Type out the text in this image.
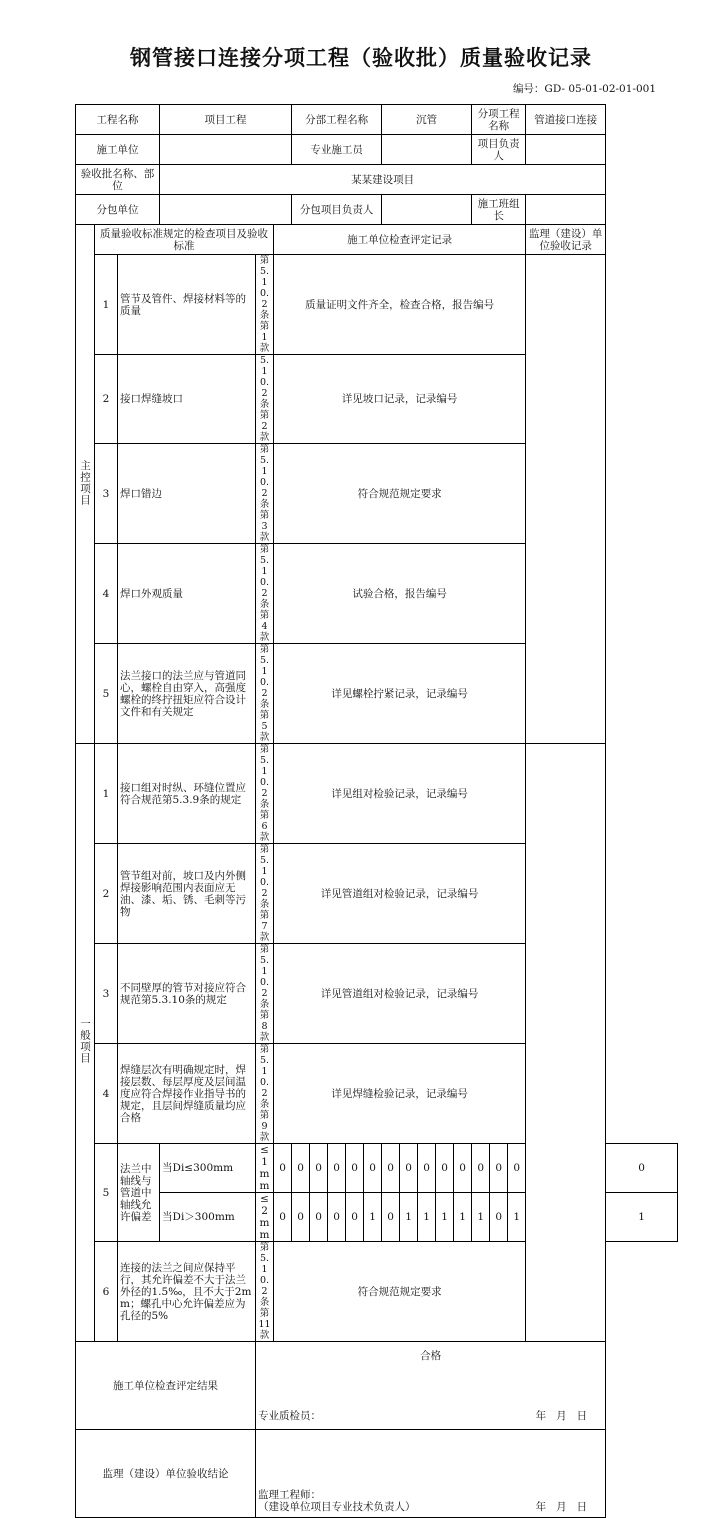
钢管接口连接分项工程（验收批）质量验收记录
编号：GD- 05-01-02-01-001
工程名称			项目工程			分部工程名称					沉管					分项工程名称			管道接口连接	
施工单位						专业施工员										项目负责人				
验收批名称、部位			某某建设项目																	
分包单位						分包项目负责人										施工班组长				
主控项目	质量验收标准规定的检查项目及验收标准				施工单位检查评定记录														监理（建设）单位验收记录	
	1	管节及管件、焊接材料等的质量		第5.10.2条第1款	质量证明文件齐全，检查合格，报告编号															
	2	接口焊缝坡口		5.10.2条第2款	详见坡口记录，记录编号															
	3	焊口错边		第5.10.2条第3款	符合规范规定要求															
	4	焊口外观质量		第5.10.2条第4款	试验合格，报告编号															
	5	法兰接口的法兰应与管道同心，螺栓自由穿入，高强度螺栓的终拧扭矩应符合设计文件和有关规定		第5.10.2条第5款	详见螺栓拧紧记录，记录编号															
一般项目	1	接口组对时纵、环缝位置应符合规范第5.3.9条的规定		第5.10.2条第6款	详见组对检验记录，记录编号															
	2	管节组对前，坡口及内外侧焊接影响范围内表面应无油、漆、垢、锈、毛刺等污物		第5.10.2条第7款	详见管道组对检验记录，记录编号															
	3	不同壁厚的管节对接应符合规范第5.3.10条的规定		第5.10.2条第8款	详见管道组对检验记录，记录编号															
	4	焊缝层次有明确规定时，焊接层数、每层厚度及层间温度应符合焊接作业指导书的规定，且层间焊缝质量均应合格		第5.10.2条第9款	详见焊缝检验记录，记录编号															
	5	法兰中轴线与管道中轴线允许偏差	当Di≤300mm	≤1mm	0	0	0	0	0	0	0	0	0	0	0	0	0	0		0
			当Di＞300mm	≤2mm	0	0	0	0	0	1	0	1	1	1	1	1	0	1		1
	6	连接的法兰之间应保持平行，其允许偏差不大于法兰外径的1.5‰，且不大于2mm；螺孔中心允许偏差应为孔径的5%		第5.10.2条第11款	符合规范规定要求															
施工单位检查评定结果				合格
专业质检员： 年   月   日																

监理（建设）单位验收结论				监理工程师：
（建设单位项目专业技术负责人） 年   月   日																
